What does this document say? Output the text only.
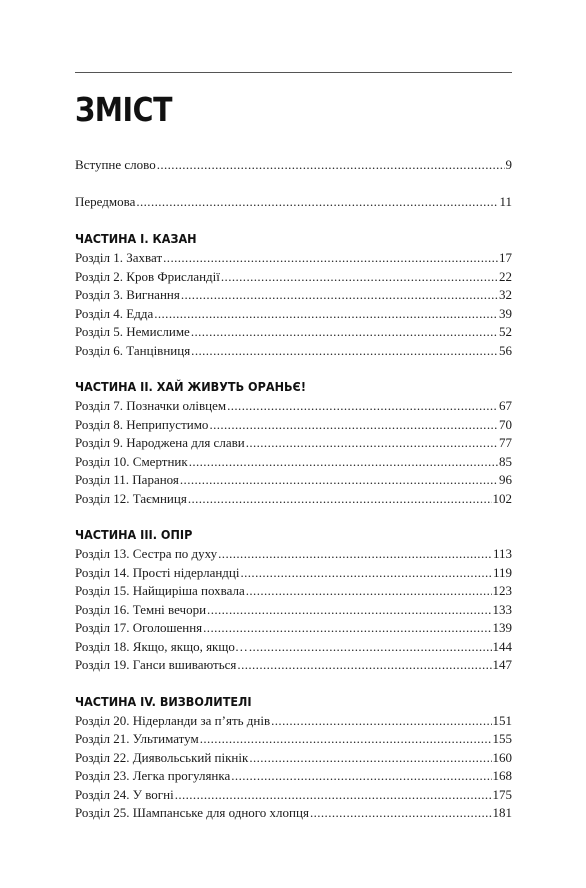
ЗМІСТ
Вступне слово .....	9
Передмова .....	11
ЧАСТИНА I. КАЗАН
Розділ 1. Захват .....	17
Розділ 2. Кров Фрисландії .....	22
Розділ 3. Вигнання .....	32
Розділ 4. Едда .....	39
Розділ 5. Немислиме .....	52
Розділ 6. Танцівниця .....	56
ЧАСТИНА II. ХАЙ ЖИВУТЬ ОРАНЬЄ!
Розділ 7. Позначки олівцем .....	67
Розділ 8. Неприпустимо .....	70
Розділ 9. Народжена для слави .....	77
Розділ 10. Смертник .....	85
Розділ 11. Параноя .....	96
Розділ 12. Таємниця .....	102
ЧАСТИНА III. ОПІР
Розділ 13. Сестра по духу .....	113
Розділ 14. Прості нідерландці .....	119
Розділ 15. Найщиріша похвала .....	123
Розділ 16. Темні вечори .....	133
Розділ 17. Оголошення .....	139
Розділ 18. Якщо, якщо, якщо… .....	144
Розділ 19. Ганси вшиваються .....	147
ЧАСТИНА IV. ВИЗВОЛИТЕЛІ
Розділ 20. Нідерланди за п’ять днів .....	151
Розділ 21. Ультиматум .....	155
Розділ 22. Диявольський пікнік .....	160
Розділ 23. Легка прогулянка .....	168
Розділ 24. У вогні .....	175
Розділ 25. Шампанське для одного хлопця .....	181
